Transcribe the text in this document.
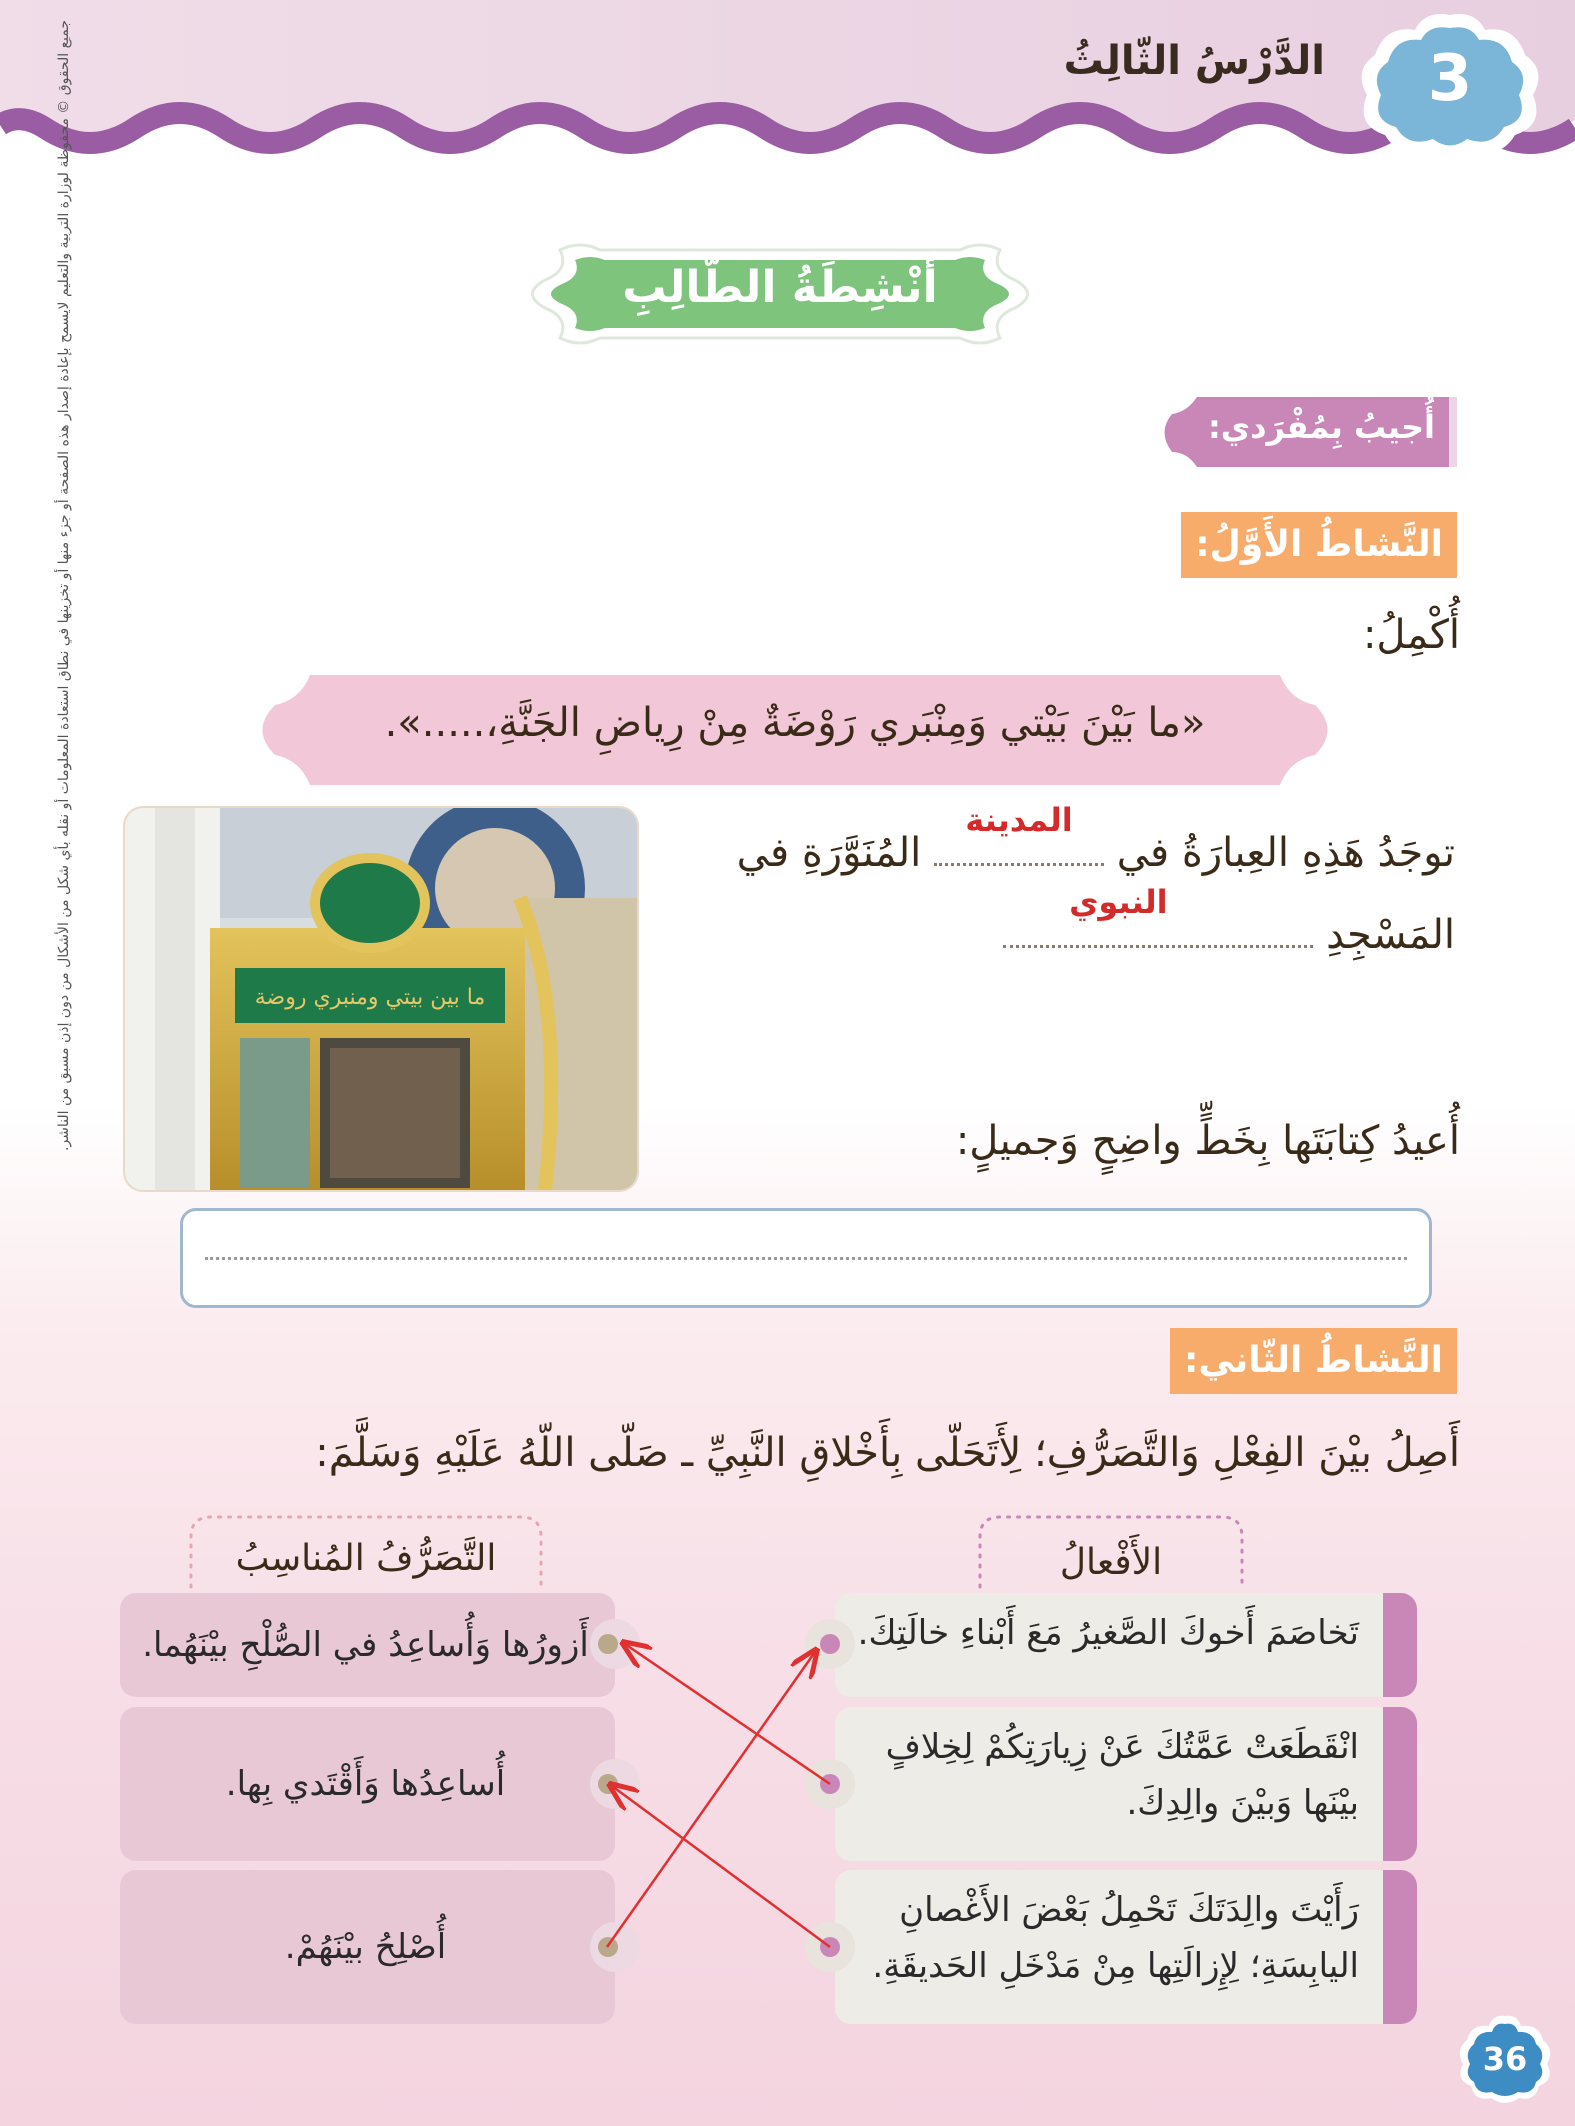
الدَّرْسُ الثّالِثُ	3
أَنْشِطَةُ الطّالِبِ
أُجيبُ بِمُفْرَدي:
النَّشاطُ الأَوَّلُ:
أُكْمِلُ:
«ما بَيْنَ بَيْتي وَمِنْبَري رَوْضَةٌ مِنْ رِياضِ الجَنَّةِ،.....».
ما بين بيتي ومنبري روضة
توجَدُ هَذِهِ العِبارَةُ في
المدينة
المُنَوَّرَةِ في
المَسْجِدِ
النبوي
أُعيدُ كِتابَتَها بِخَطٍّ واضِحٍ وَجميلٍ:
النَّشاطُ الثّاني:
أَصِلُ بيْنَ الفِعْلِ وَالتَّصَرُّفِ؛ لِأَتَحَلّى بِأَخْلاقِ النَّبِيِّ ـ صَلّى اللّهُ عَلَيْهِ وَسَلَّمَ:
التَّصَرُّفُ المُناسِبُ	الأَفْعالُ
تَخاصَمَ أَخوكَ الصَّغيرُ مَعَ أَبْناءِ خالَتِكَ.
انْقَطَعَتْ عَمَّتُكَ عَنْ زِيارَتِكُمْ لِخِلافٍ بيْنَها وَبيْنَ والِدِكَ.
رَأَيْتَ والِدَتَكَ تَحْمِلُ بَعْضَ الأَغْصانِ اليابِسَةِ؛ لِإِزالَتِها مِنْ مَدْخَلِ الحَديقَةِ.
أَزورُها وَأُساعِدُ في الصُّلْحِ بيْنَهُما.
أُساعِدُها وَأَقْتَدي بِها.
أُصْلِحُ بيْنَهُمْ.
جميع الحقوق © محفوظة لوزارة التربية والتعليم لايسمح بإعادة إصدار هذه الصفحة أو جزء منها أو تخزينها في نطاق استعادة المعلومات أو نقله بأي شكل من الأشكال من دون إذن مسبق من الناشر.
36
